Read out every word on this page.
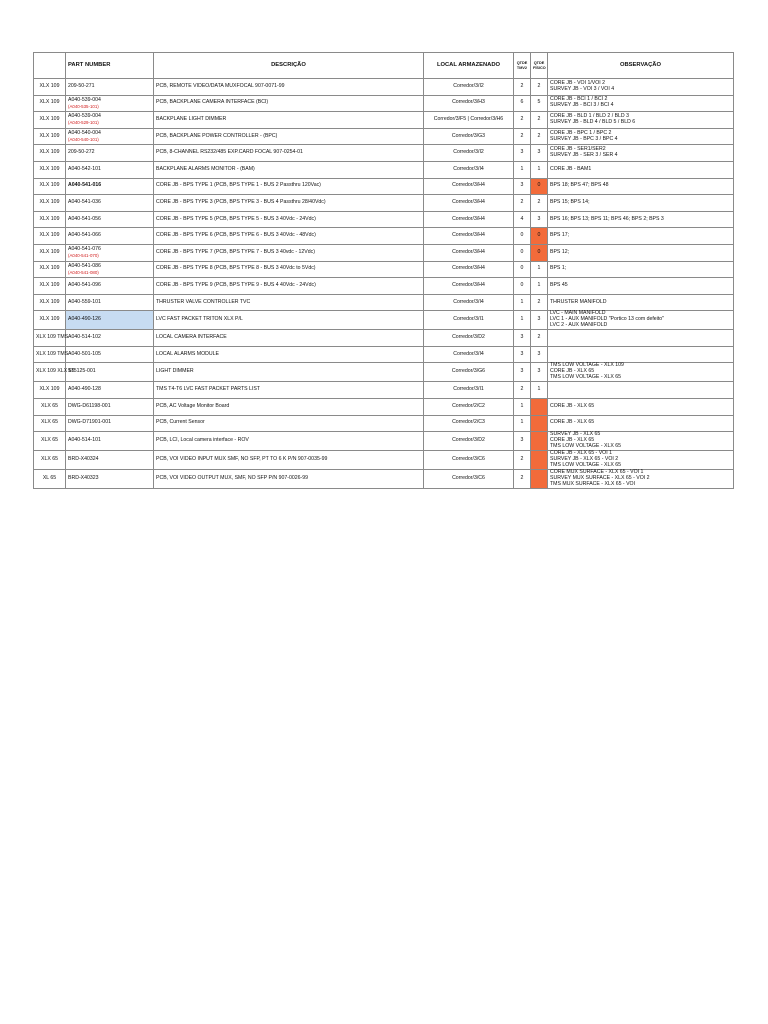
	PART NUMBER	DESCRIÇÃO	LOCAL ARMAZENADO	QTDE TMV2	QTDE FÍSICO	OBSERVAÇÃO
XLX 109	209-50-271	PCB, REMOTE VIDEO/DATA MUXFOCAL 907-0071-99	Corredor/3/I2	2	2	CORE JB - VOI 1/VOI 2
SURVEY JB - VOI 3 / VOI 4

XLX 109	A040-539-004
(A040-535-101)	PCB, BACKPLANE CAMERA INTERFACE (BCI)	Corredor/3/H3	6	5	CORE JB - BCI 1 / BCI 2
SURVEY JB - BCI 3 / BCI 4

XLX 109	A040-539-004
(A040-529-101)	BACKPLANE LIGHT DIMMER	Corredor/3/F5 | Corredor/3/H6	2	2	CORE JB - BLD 1 / BLD 2 / BLD 3
SURVEY JB - BLD 4 / BLD 5 / BLD 6

XLX 109	A040-540-004
(A040-540-101)	PCB, BACKPLANE POWER CONTROLLER - (BPC)	Corredor/3/G3	2	2	CORE JB - BPC 1 / BPC 2
SURVEY JB - BPC 3 / BPC 4

XLX 109	209-50-272	PCB, 8-CHANNEL RS232/485 EXP.CARD FOCAL 907-0254-01	Corredor/3/I2	3	3	CORE JB - SER1/SER2
SURVEY JB - SER 3 / SER 4

XLX 109	A040-542-101	BACKPLANE ALARMS MONITOR - (BAM)	Corredor/3/I4	1	1	CORE JB - BAM1

XLX 109	A040-541-016	CORE JB - BPS TYPE 1 (PCB, BPS TYPE 1 - BUS 2 Passthru 120Vac)	Corredor/3/H4	3	0	BPS 18; BPS 47; BPS 48

XLX 109	A040-541-036	CORE JB - BPS TYPE 3 (PCB, BPS TYPE 3 - BUS 4 Passthru 28/40Vdc)	Corredor/3/H4	2	2	BPS 15; BPS 14;

XLX 109	A040-541-056	CORE JB - BPS TYPE 5 (PCB, BPS TYPE 5 - BUS 3 40Vdc - 24Vdc)	Corredor/3/H4	4	3	BPS 16; BPS 13; BPS 11; BPS 46; BPS 2; BPS 3

XLX 109	A040-541-066	CORE JB - BPS TYPE 6 (PCB, BPS TYPE 6 - BUS 3 40Vdc - 48Vdc)	Corredor/3/H4	0	0	BPS 17;

XLX 109	A040-541-076
(A040-541-070)	CORE JB - BPS TYPE 7 (PCB, BPS TYPE 7 - BUS 3 40vdc - 12Vdc)	Corredor/3/H4	0	0	BPS 12;

XLX 109	A040-541-086
(A040-541-080)	CORE JB - BPS TYPE 8 (PCB, BPS TYPE 8 - BUS 3 40Vdc to 5Vdc)	Corredor/3/H4	0	1	BPS 1;

XLX 109	A040-541-096	CORE JB - BPS TYPE 9 (PCB, BPS TYPE 9 - BUS 4 40Vdc - 24Vdc)	Corredor/3/H4	0	1	BPS 45

XLX 109	A040-559-101	THRUSTER VALVE CONTROLLER TVC	Corredor/3/I4	1	2	THRUSTER MANIFOLD

XLX 109	A040-490-126	LVC FAST PACKET TRITON XLX P/L	Corredor/3/I1	1	3	LVC - MAIN MANIFOLD
LVC 1 - AUX MANIFOLD "Portico 13 com defeito"
LVC 2 - AUX MANIFOLD

XLX 109 TMS	A040-514-102	LOCAL CAMERA INTERFACE	Corredor/3/D2	3	2	
XLX 109 TMS	A040-501-105	LOCAL ALARMS MODULE	Corredor/3/I4	3	3	
XLX 109 XLX 65	575125-001	LIGHT DIMMER	Corredor/3/G6	3	3	TMS LOW VOLTAGE - XLX 109
CORE JB - XLX 65
TMS LOW VOLTAGE - XLX 65

XLX 109	A040-490-128	TMS T4-T6 LVC FAST PACKET PARTS LIST	Corredor/3/I1	2	1	
XLX 65	DWG-D61198-001	PCB, AC Voltage Monitor Board	Corredor/2/C2	1		CORE JB - XLX 65

XLX 65	DWG-D71901-001	PCB, Current Sensor	Corredor/2/C3	1		CORE JB - XLX 65

XLX 65	A040-514-101	PCB, LCI, Local camera interface - ROV	Corredor/3/D2	3		SURVEY JB - XLX 65
CORE JB - XLX 65
TMS LOW VOLTAGE - XLX 65

XLX 65	BRD-X40324	PCB, VOI VIDEO INPUT MUX SMF, NO SFP, PT TO 6 K P/N 907-0035-99	Corredor/3/C6	2		CORE JB - XLX 65 - VOI 1
SURVEY JB - XLX 65 - VOI 2
TMS LOW VOLTAGE - XLX 65

XL 65	BRD-X40323	PCB, VOI VIDEO OUTPUT MUX, SMF, NO SFP P/N 907-0026-99	Corredor/3/C6	2		CORE MUX SURFACE - XLX 65 - VOI 1
SURVEY MUX SURFACE - XLX 65 - VOI 2
TMS MUX SURFACE - XLX 65 - VOI
